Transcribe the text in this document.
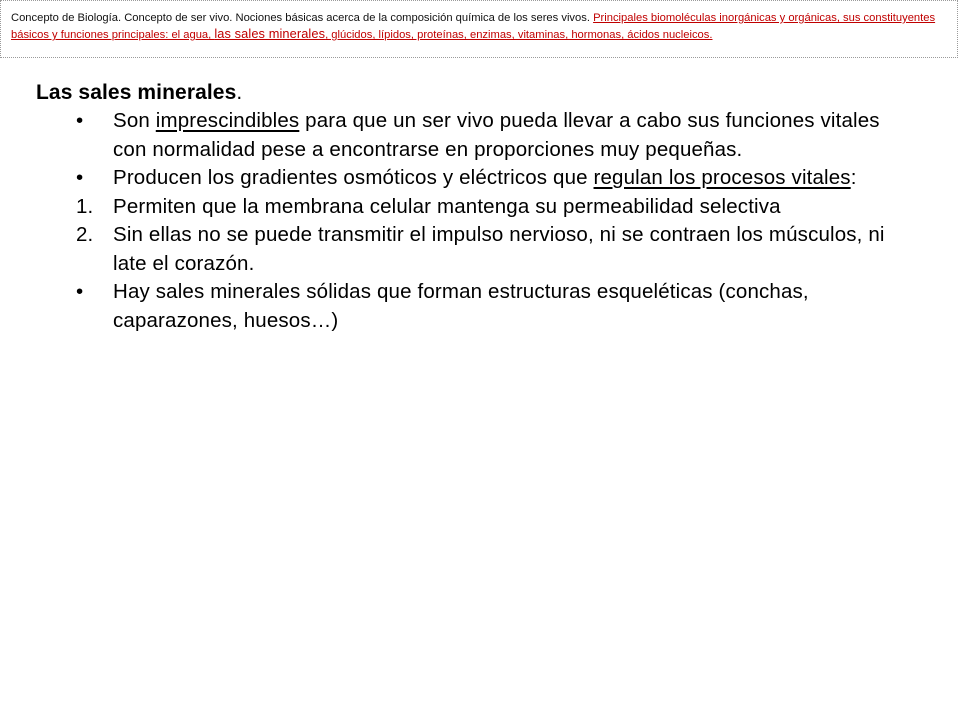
Concepto de Biología. Concepto de ser vivo. Nociones básicas acerca de la composición química de los seres vivos. Principales biomoléculas inorgánicas y orgánicas, sus constituyentes básicos y funciones principales: el agua, las sales minerales, glúcidos, lípidos, proteínas, enzimas, vitaminas, hormonas, ácidos nucleicos.
Las sales minerales.
• Son imprescindibles para que un ser vivo pueda llevar a cabo sus funciones vitales con normalidad pese a encontrarse en proporciones muy pequeñas.
• Producen los gradientes osmóticos y eléctricos que regulan los procesos vitales:
1. Permiten que la membrana celular mantenga su permeabilidad selectiva
2. Sin ellas no se puede transmitir el impulso nervioso, ni se contraen los músculos, ni late el corazón.
• Hay sales minerales sólidas que forman estructuras esqueléticas (conchas, caparazones, huesos…)
